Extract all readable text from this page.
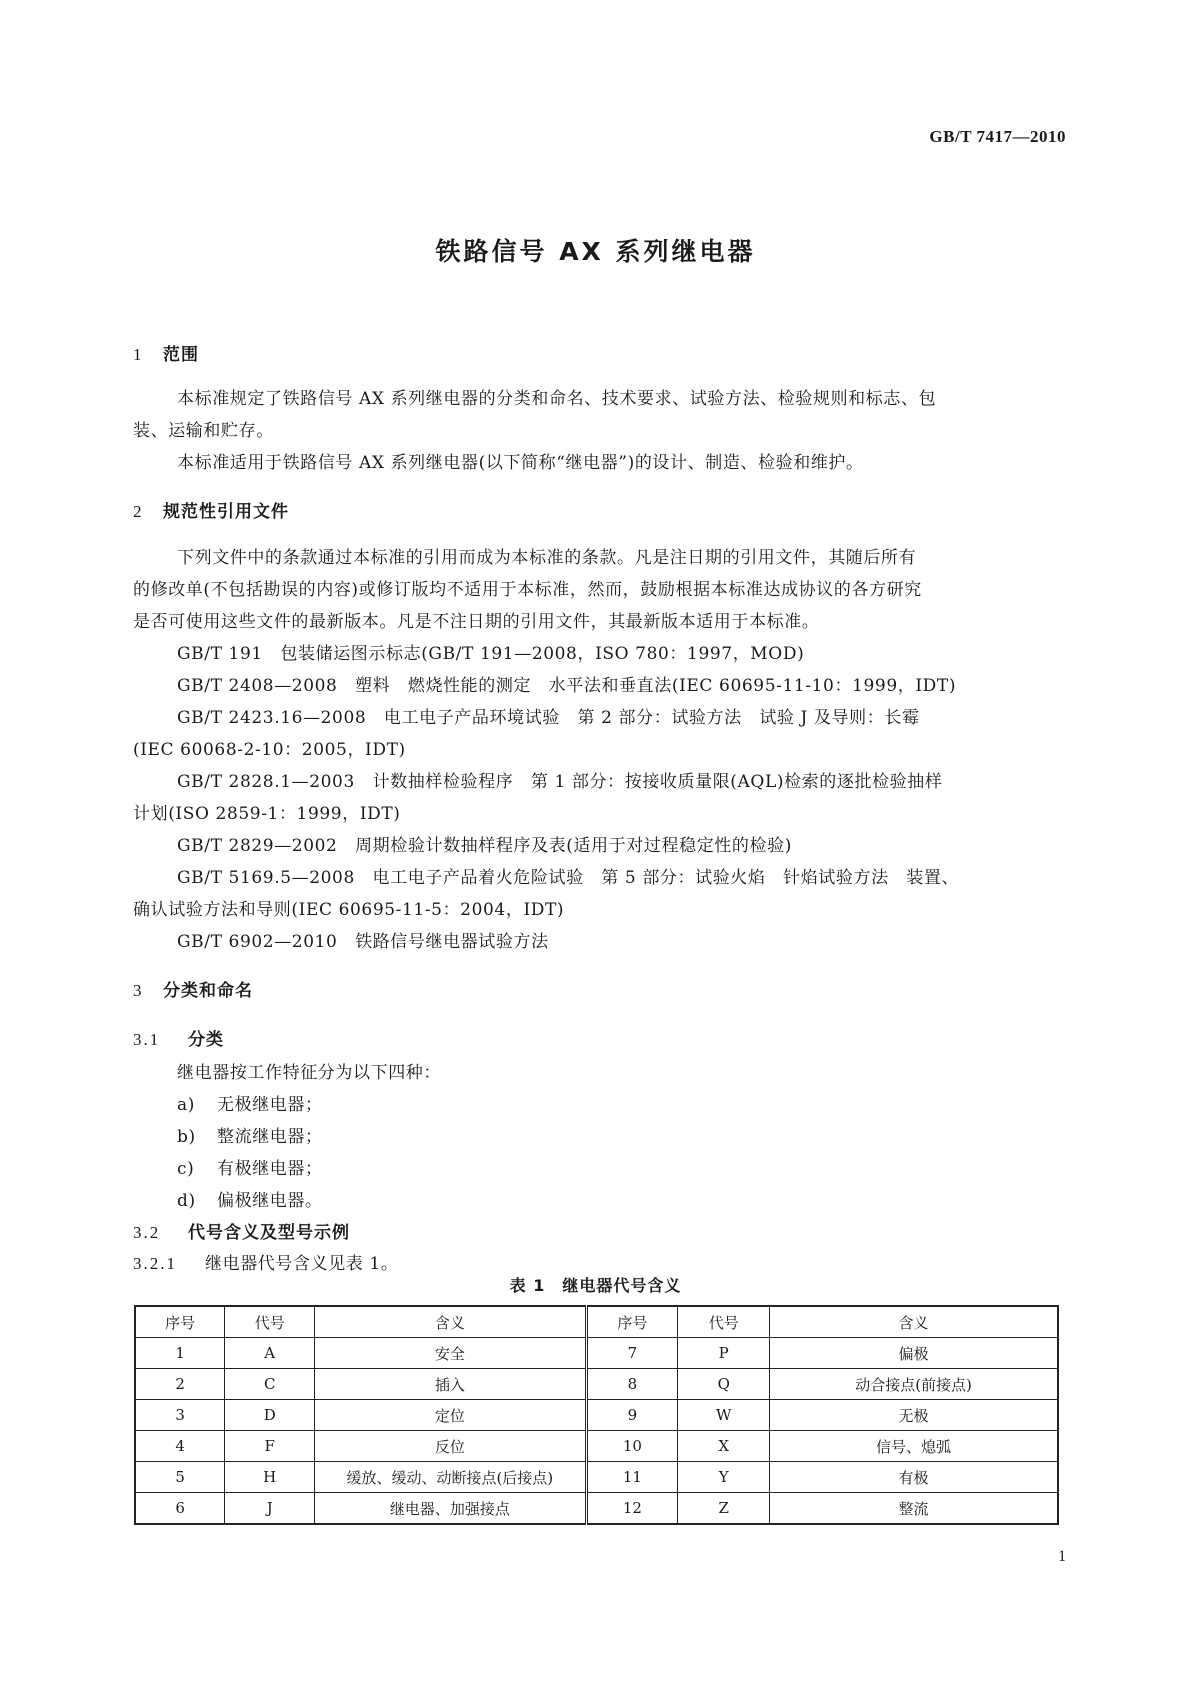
GB/T 7417—2010
铁路信号 AX 系列继电器
1 范围
本标准规定了铁路信号 AX 系列继电器的分类和命名、技术要求、试验方法、检验规则和标志、包
装、运输和贮存。
本标准适用于铁路信号 AX 系列继电器(以下简称“继电器”)的设计、制造、检验和维护。
2 规范性引用文件
下列文件中的条款通过本标准的引用而成为本标准的条款。凡是注日期的引用文件，其随后所有
的修改单(不包括勘误的内容)或修订版均不适用于本标准，然而，鼓励根据本标准达成协议的各方研究
是否可使用这些文件的最新版本。凡是不注日期的引用文件，其最新版本适用于本标准。
GB/T 191　包装储运图示标志(GB/T 191—2008，ISO 780：1997，MOD)
GB/T 2408—2008　塑料　燃烧性能的测定　水平法和垂直法(IEC 60695-11-10：1999，IDT)
GB/T 2423.16—2008　电工电子产品环境试验　第 2 部分：试验方法　试验 J 及导则：长霉
(IEC 60068-2-10：2005，IDT)
GB/T 2828.1—2003　计数抽样检验程序　第 1 部分：按接收质量限(AQL)检索的逐批检验抽样
计划(ISO 2859-1：1999，IDT)
GB/T 2829—2002　周期检验计数抽样程序及表(适用于对过程稳定性的检验)
GB/T 5169.5—2008　电工电子产品着火危险试验　第 5 部分：试验火焰　针焰试验方法　装置、
确认试验方法和导则(IEC 60695-11-5：2004，IDT)
GB/T 6902—2010　铁路信号继电器试验方法
3 分类和命名
3.1 分类
继电器按工作特征分为以下四种：
a) 无极继电器；
b) 整流继电器；
c) 有极继电器；
d) 偏极继电器。
3.2 代号含义及型号示例
3.2.1 继电器代号含义见表 1。
表 1　继电器代号含义
序号	代号	含义	序号	代号	含义
1	A	安全	7	P	偏极
2	C	插入	8	Q	动合接点(前接点)
3	D	定位	9	W	无极
4	F	反位	10	X	信号、熄弧
5	H	缓放、缓动、动断接点(后接点)	11	Y	有极
6	J	继电器、加强接点	12	Z	整流
1
